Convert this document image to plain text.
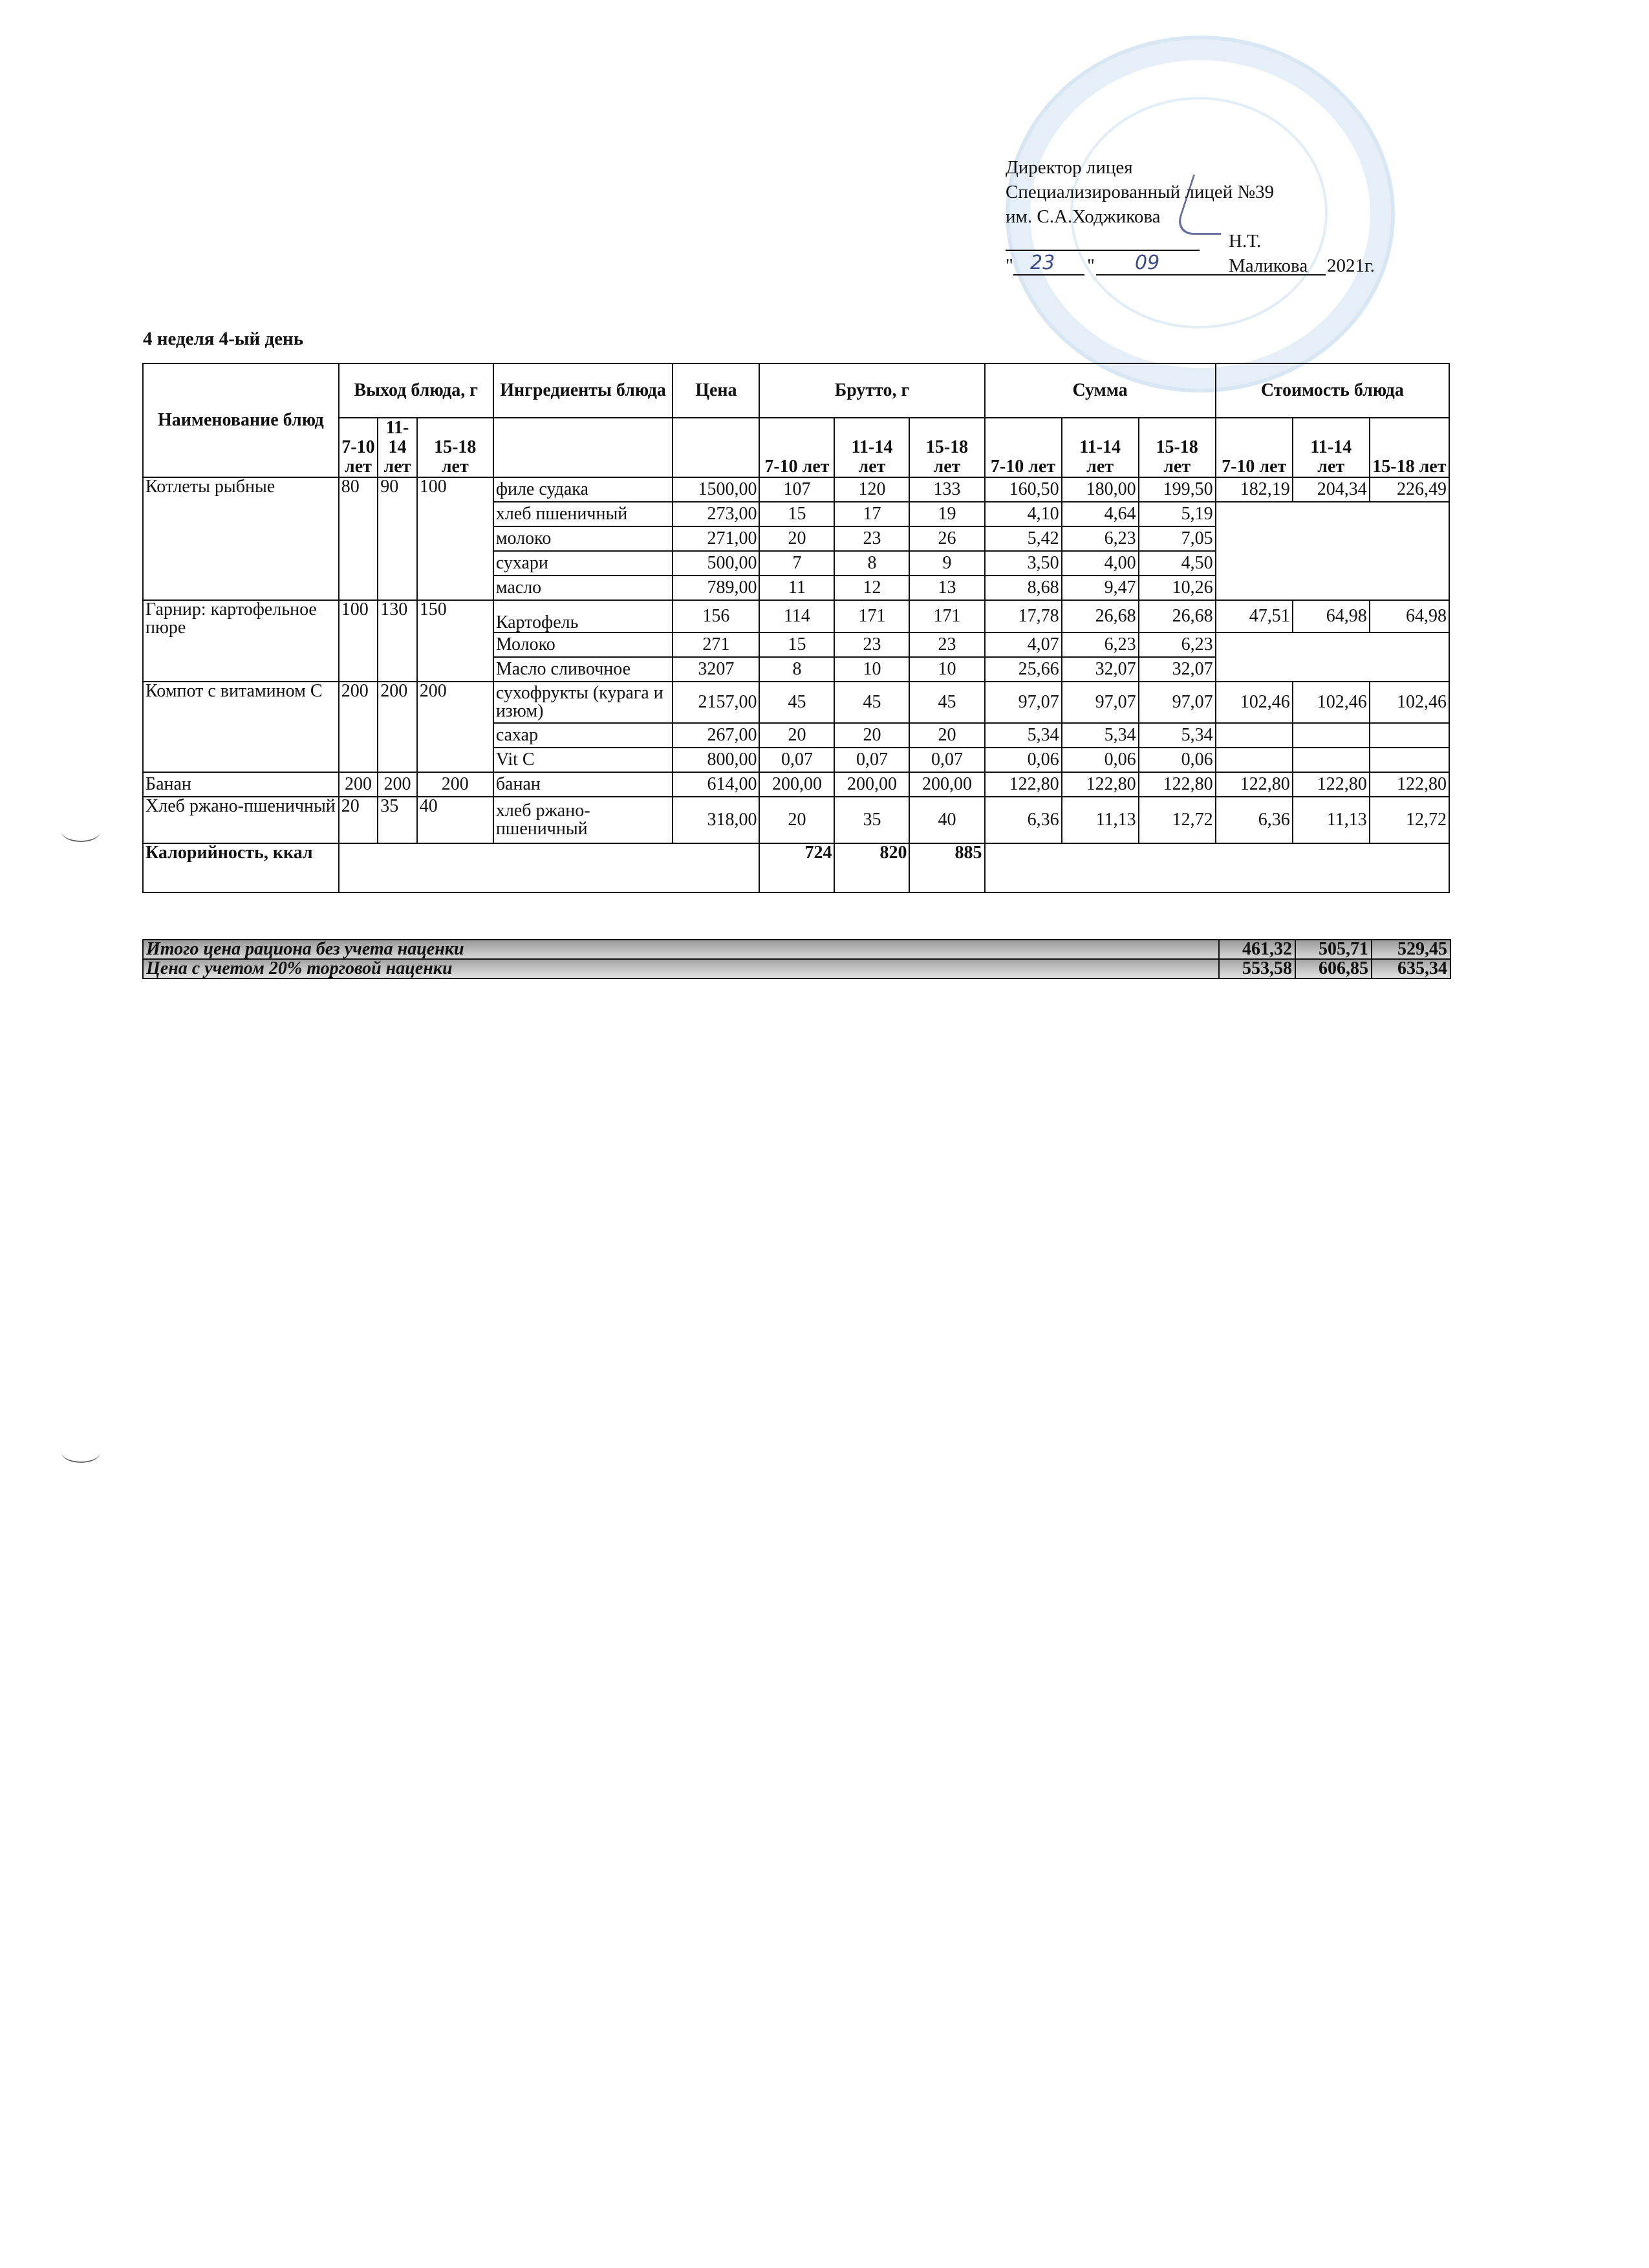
Директор лицея
Специализированный лицей №39
им. С.А.Ходжикова
Н.Т. Маликова
" 23 " 09	2021г.
4 неделя 4-ый день
Наименование блюд	Выход блюда, г			Ингредиенты блюда	Цена	Брутто, г			Сумма			Стоимость блюда		
	7-10 лет	11-14 лет	15-18 лет			7-10 лет	11-14 лет	15-18 лет	7-10 лет	11-14 лет	15-18 лет	7-10 лет	11-14 лет	15-18 лет
Котлеты рыбные	80	90	100	филе судака	1500,00	107	120	133	160,50	180,00	199,50	182,19	204,34	226,49
				хлеб пшеничный	273,00	15	17	19	4,10	4,64	5,19			
				молоко	271,00	20	23	26	5,42	6,23	7,05			
				сухари	500,00	7	8	9	3,50	4,00	4,50			
				масло	789,00	11	12	13	8,68	9,47	10,26			
Гарнир: картофельное пюре	100	130	150	Картофель	156	114	171	171	17,78	26,68	26,68	47,51	64,98	64,98
				Молоко	271	15	23	23	4,07	6,23	6,23			
				Масло сливочное	3207	8	10	10	25,66	32,07	32,07			
Компот с витамином С	200	200	200	сухофрукты (курага и изюм)	2157,00	45	45	45	97,07	97,07	97,07	102,46	102,46	102,46
				сахар	267,00	20	20	20	5,34	5,34	5,34			
				Vit C	800,00	0,07	0,07	0,07	0,06	0,06	0,06			
Банан	200	200	200	банан	614,00	200,00	200,00	200,00	122,80	122,80	122,80	122,80	122,80	122,80
Хлеб ржано-пшеничный	20	35	40	хлеб ржано-пшеничный	318,00	20	35	40	6,36	11,13	12,72	6,36	11,13	12,72
Калорийность, ккал						724	820	885						
Итого цена рациона без учета наценки	461,32	505,71	529,45
Цена с учетом 20% торговой наценки	553,58	606,85	635,34
